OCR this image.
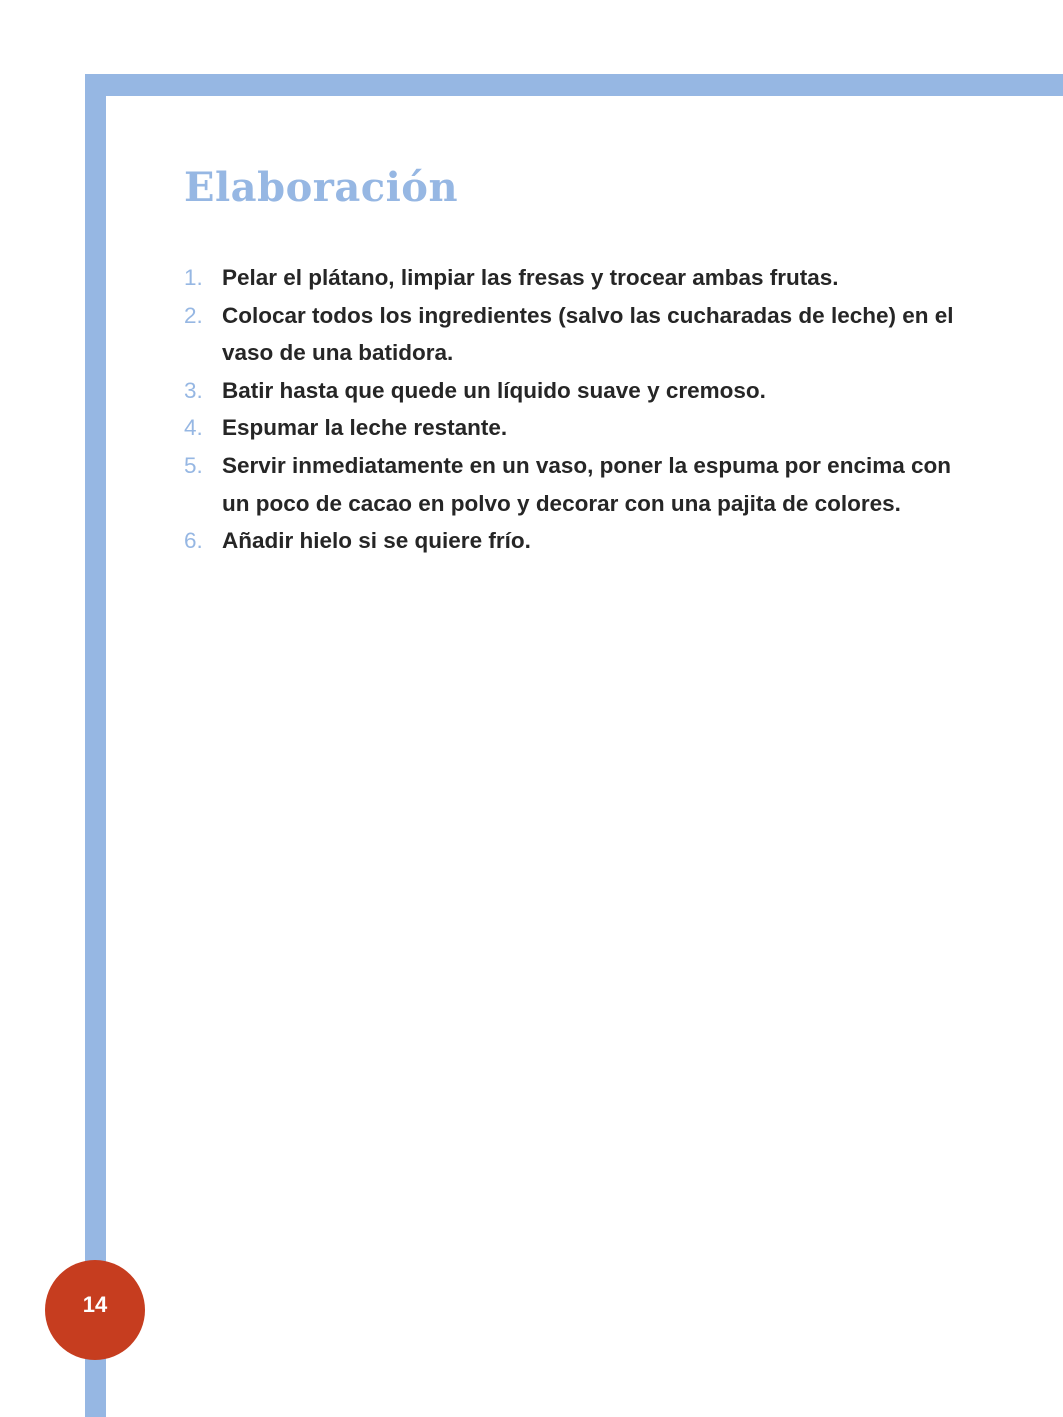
Elaboración
1. Pelar el plátano, limpiar las fresas y trocear ambas frutas.
2. Colocar todos los ingredientes (salvo las cucharadas de leche) en el vaso de una batidora.
3. Batir hasta que quede un líquido suave y cremoso.
4. Espumar la leche restante.
5. Servir inmediatamente en un vaso, poner la espuma por encima con un poco de cacao en polvo y decorar con una pajita de colores.
6. Añadir hielo si se quiere frío.
14
